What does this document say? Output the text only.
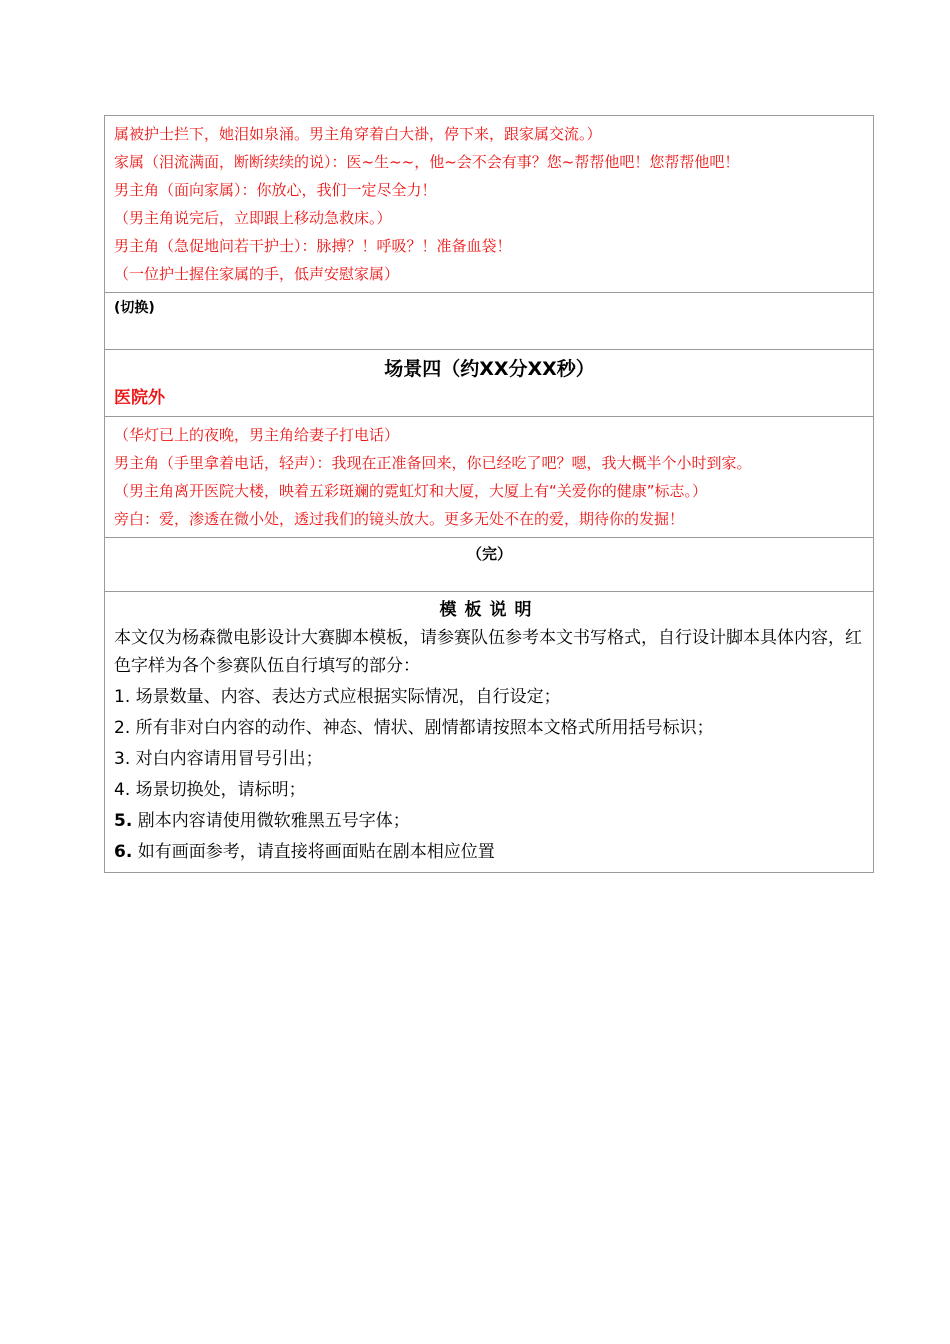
属被护士拦下，她泪如泉涌。男主角穿着白大褂，停下来，跟家属交流。）

家属（泪流满面，断断续续的说）：医~生~~，他~会不会有事？您~帮帮他吧！您帮帮他吧！

男主角（面向家属）：你放心，我们一定尽全力！

（男主角说完后，立即跟上移动急救床。）

男主角（急促地问若干护士）：脉搏？！呼吸？！准备血袋！

（一位护士握住家属的手，低声安慰家属）

(切换)

场景四（约XX分XX秒）

医院外

（华灯已上的夜晚，男主角给妻子打电话）

男主角（手里拿着电话，轻声）：我现在正准备回来，你已经吃了吧？嗯，我大概半个小时到家。

（男主角离开医院大楼，映着五彩斑斓的霓虹灯和大厦，大厦上有“关爱你的健康”标志。）

旁白：爱，渗透在微小处，透过我们的镜头放大。更多无处不在的爱，期待你的发掘！

（完）

模板说明

本文仅为杨森微电影设计大赛脚本模板，请参赛队伍参考本文书写格式，自行设计脚本具体内容，红色字样为各个参赛队伍自行填写的部分：

1. 场景数量、内容、表达方式应根据实际情况，自行设定；

2. 所有非对白内容的动作、神态、情状、剧情都请按照本文格式所用括号标识；

3. 对白内容请用冒号引出；

4. 场景切换处，请标明；

5. 剧本内容请使用微软雅黑五号字体；

6. 如有画面参考，请直接将画面贴在剧本相应位置
